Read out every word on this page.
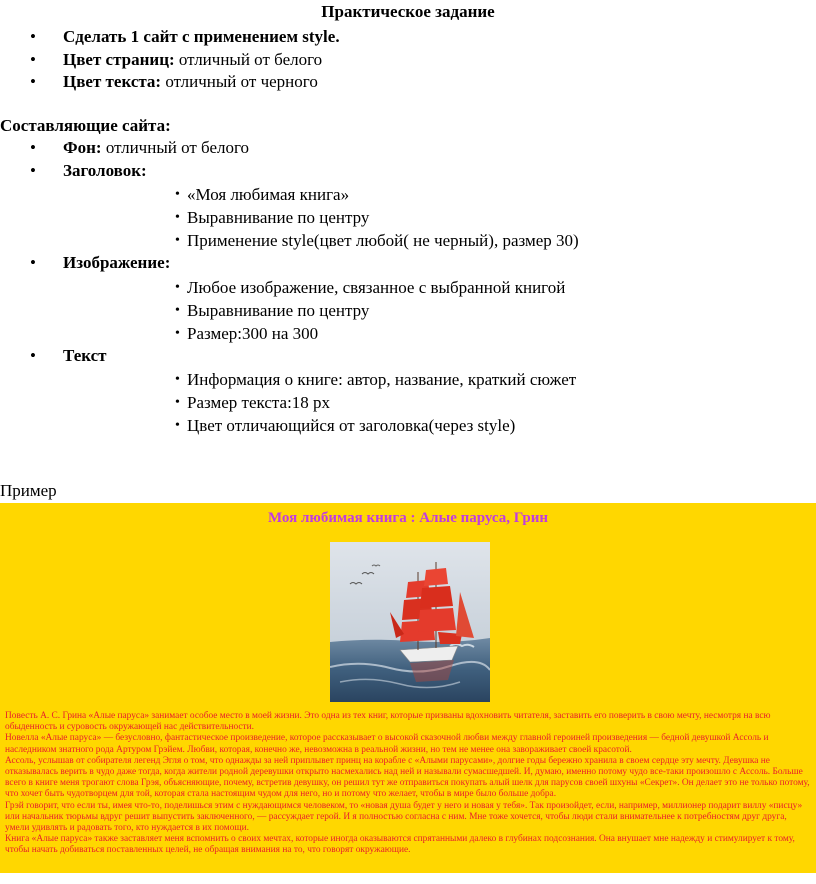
Практическое задание
• Сделать 1 сайт с применением style.
• Цвет страниц: отличный от белого
• Цвет текста: отличный от черного
Составляющие сайта:
• Фон: отличный от белого
• Заголовок:
• «Моя любимая книга»
• Выравнивание по центру
• Применение style(цвет любой( не черный), размер 30)
• Изображение:
• Любое изображение, связанное с выбранной книгой
• Выравнивание по центру
• Размер:300 на 300
• Текст
• Информация о книге: автор, название, краткий сюжет
• Размер текста:18 px
• Цвет отличающийся от заголовка(через style)
Пример
Моя любимая книга : Алые паруса, Грин

Повесть А. С. Грина «Алые паруса» занимает особое место в моей жизни. Это одна из тех книг, которые призваны вдохновить читателя, заставить его поверить в свою мечту, несмотря на всю обыденность и суровость окружающей нас действительности.

Новелла «Алые паруса» — безусловно, фантастическое произведение, которое рассказывает о высокой сказочной любви между главной героиней произведения — бедной девушкой Ассоль и наследником знатного рода Артуром Грэйем. Любви, которая, конечно же, невозможна в реальной жизни, но тем не менее она завораживает своей красотой.

Ассоль, услышав от собирателя легенд Эгля о том, что однажды за ней приплывет принц на корабле с «Алыми парусами», долгие годы бережно хранила в своем сердце эту мечту. Девушка не отказывалась верить в чудо даже тогда, когда жители родной деревушки открыто насмехались над ней и называли сумасшедшей. И, думаю, именно потому чудо все-таки произошло с Ассоль. Больше всего в книге меня трогают слова Грэя, объясняющие, почему, встретив девушку, он решил тут же отправиться покупать алый шелк для парусов своей шхуны «Секрет». Он делает это не только потому, что хочет быть чудотворцем для той, которая стала настоящим чудом для него, но и потому что желает, чтобы в мире было больше добра.

Грэй говорит, что если ты, имея что-то, поделишься этим с нуждающимся человеком, то «новая душа будет у него и новая у тебя». Так произойдет, если, например, миллионер подарит виллу «писцу» или начальник тюрьмы вдруг решит выпустить заключенного, — рассуждает герой. И я полностью согласна с ним. Мне тоже хочется, чтобы люди стали внимательнее к потребностям друг друга, умели удивлять и радовать того, кто нуждается в их помощи.

Книга «Алые паруса» также заставляет меня вспомнить о своих мечтах, которые иногда оказываются спрятанными далеко в глубинах подсознания. Она внушает мне надежду и стимулирует к тому, чтобы начать добиваться поставленных целей, не обращая внимания на то, что говорят окружающие.
